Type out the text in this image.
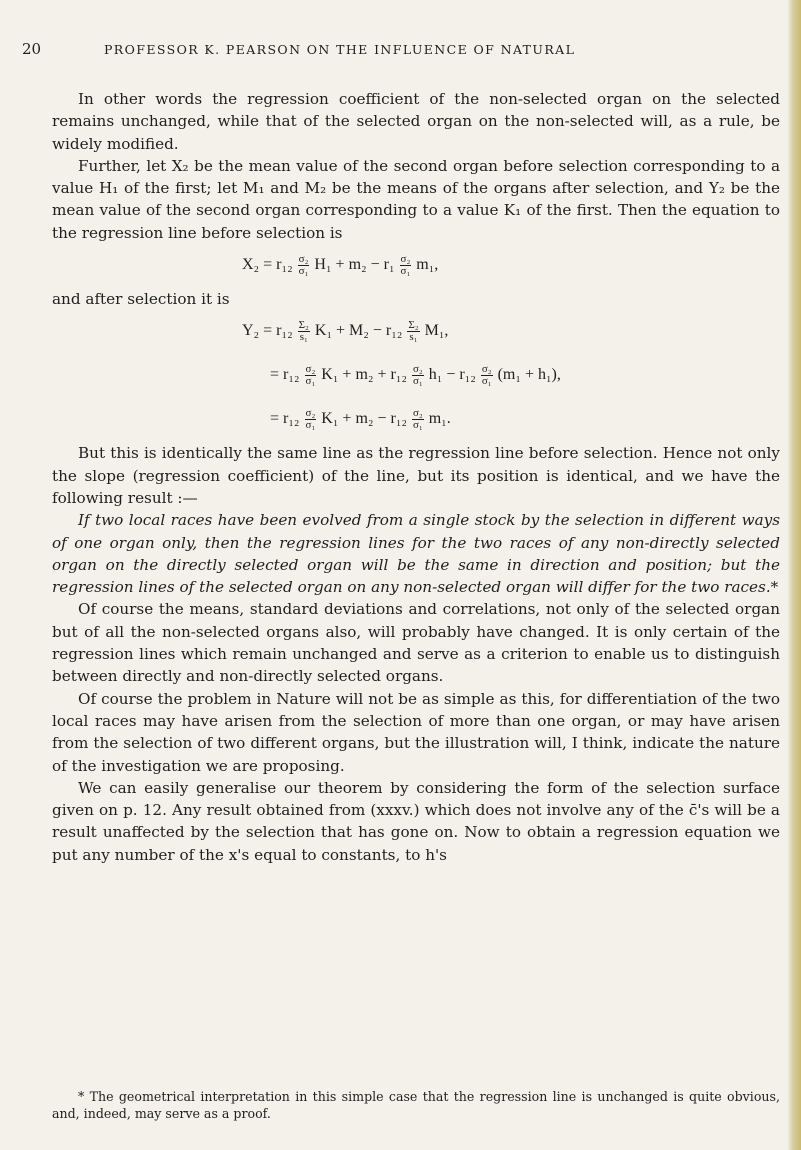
20	PROFESSOR K. PEARSON ON THE INFLUENCE OF NATURAL

In other words the regression coefficient of the non-selected organ on the selected remains unchanged, while that of the selected organ on the non-selected will, as a rule, be widely modified.

Further, let X₂ be the mean value of the second organ before selection corresponding to a value H₁ of the first; let M₁ and M₂ be the means of the organs after selection, and Y₂ be the mean value of the second organ corresponding to a value K₁ of the first. Then the equation to the regression line before selection is

$X_2 = r_{12} \frac{\text{σ₂}}{\text{σ₁}} H_1 + m_2 - r_1 \frac{\text{σ₂}}{\text{σ₁}} m_1$,

and after selection it is

$Y_2 = r_{12} \frac{\text{Σ₂}}{\text{s₁}} K_1 + M_2 - r_{12} \frac{\text{Σ₂}}{\text{s₁}} M_1$,
= $r_{12} \frac{\text{σ₂}}{\text{σ₁}} K_1 + m_2 + r_{12} \frac{\text{σ₂}}{\text{σ₁}} h_1 - r_{12} \frac{\text{σ₂}}{\text{σ₁}} (m_1 + h_1)$,
= $r_{12} \frac{\text{σ₂}}{\text{σ₁}} K_1 + m_2 - r_{12} \frac{\text{σ₂}}{\text{σ₁}} m_1$.

But this is identically the same line as the regression line before selection. Hence not only the slope (regression coefficient) of the line, but its position is identical, and we have the following result :—

If two local races have been evolved from a single stock by the selection in different ways of one organ only, then the regression lines for the two races of any non-directly selected organ on the directly selected organ will be the same in direction and position; but the regression lines of the selected organ on any non-selected organ will differ for the two races.*

Of course the means, standard deviations and correlations, not only of the selected organ but of all the non-selected organs also, will probably have changed. It is only certain of the regression lines which remain unchanged and serve as a criterion to enable us to distinguish between directly and non-directly selected organs.

Of course the problem in Nature will not be as simple as this, for differentiation of the two local races may have arisen from the selection of more than one organ, or may have arisen from the selection of two different organs, but the illustration will, I think, indicate the nature of the investigation we are proposing.

We can easily generalise our theorem by considering the form of the selection surface given on p. 12. Any result obtained from (xxxv.) which does not involve any of the c̄'s will be a result unaffected by the selection that has gone on. Now to obtain a regression equation we put any number of the x's equal to constants, to h's

* The geometrical interpretation in this simple case that the regression line is unchanged is quite obvious, and, indeed, may serve as a proof.
